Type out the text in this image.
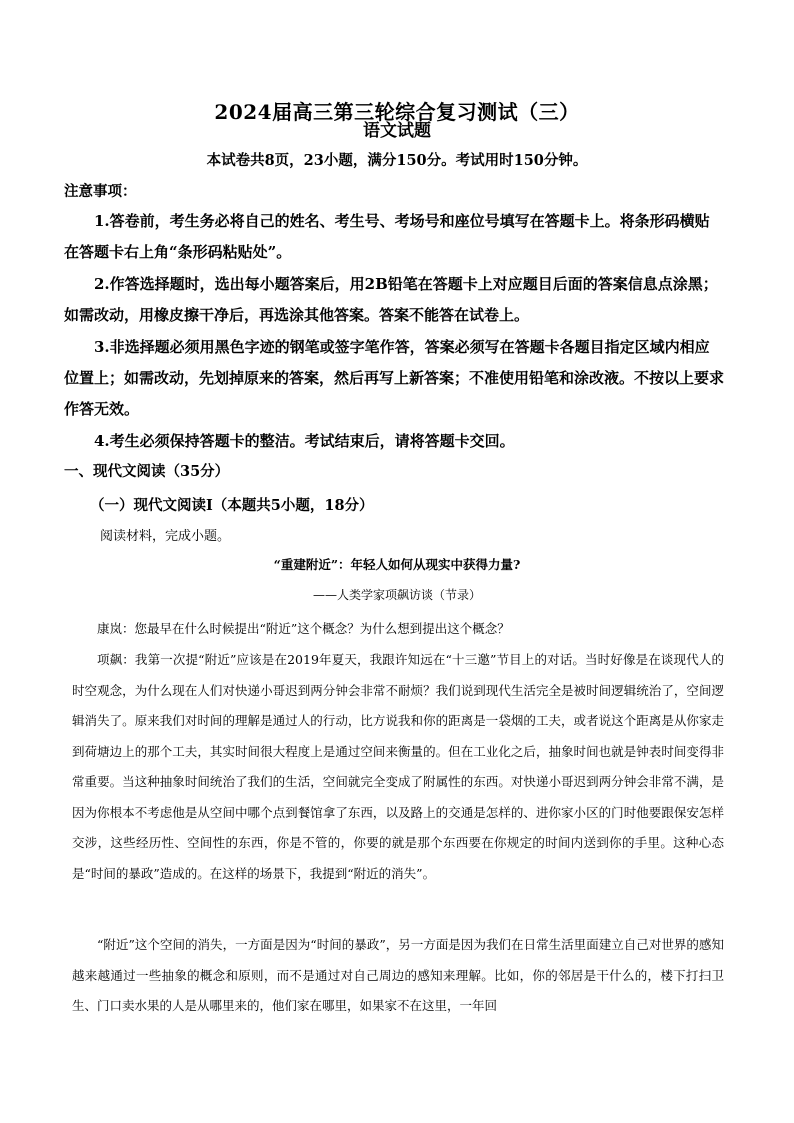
2024届高三第三轮综合复习测试（三）
语文试题
本试卷共8页，23小题，满分150分。考试用时150分钟。
注意事项：

1.答卷前，考生务必将自己的姓名、考生号、考场号和座位号填写在答题卡上。将条形码横贴在答题卡右上角“条形码粘贴处”。

2.作答选择题时，选出每小题答案后，用2B铅笔在答题卡上对应题目后面的答案信息点涂黑；如需改动，用橡皮擦干净后，再选涂其他答案。答案不能答在试卷上。

3.非选择题必须用黑色字迹的钢笔或签字笔作答，答案必须写在答题卡各题目指定区域内相应位置上；如需改动，先划掉原来的答案，然后再写上新答案；不准使用铅笔和涂改液。不按以上要求作答无效。

4.考生必须保持答题卡的整洁。考试结束后，请将答题卡交回。

一、现代文阅读（35分）
（一）现代文阅读Ⅰ（本题共5小题，18分）
阅读材料，完成小题。
“重建附近”：年轻人如何从现实中获得力量?
——人类学家项飙访谈（节录）

康岚：您最早在什么时候提出“附近”这个概念？为什么想到提出这个概念？

项飙：我第一次提“附近”应该是在2019年夏天，我跟许知远在“十三邀”节目上的对话。当时好像是在谈现代人的时空观念，为什么现在人们对快递小哥迟到两分钟会非常不耐烦？我们说到现代生活完全是被时间逻辑统治了，空间逻辑消失了。原来我们对时间的理解是通过人的行动，比方说我和你的距离是一袋烟的工夫，或者说这个距离是从你家走到荷塘边上的那个工夫，其实时间很大程度上是通过空间来衡量的。但在工业化之后，抽象时间也就是钟表时间变得非常重要。当这种抽象时间统治了我们的生活，空间就完全变成了附属性的东西。对快递小哥迟到两分钟会非常不满，是因为你根本不考虑他是从空间中哪个点到餐馆拿了东西，以及路上的交通是怎样的、进你家小区的门时他要跟保安怎样交涉，这些经历性、空间性的东西，你是不管的，你要的就是那个东西要在你规定的时间内送到你的手里。这种心态是“时间的暴政”造成的。在这样的场景下，我提到“附近的消失”。

“附近”这个空间的消失，一方面是因为“时间的暴政”，另一方面是因为我们在日常生活里面建立自己对世界的感知越来越通过一些抽象的概念和原则，而不是通过对自己周边的感知来理解。比如，你的邻居是干什么的，楼下打扫卫生、门口卖水果的人是从哪里来的，他们家在哪里，如果家不在这里，一年回
